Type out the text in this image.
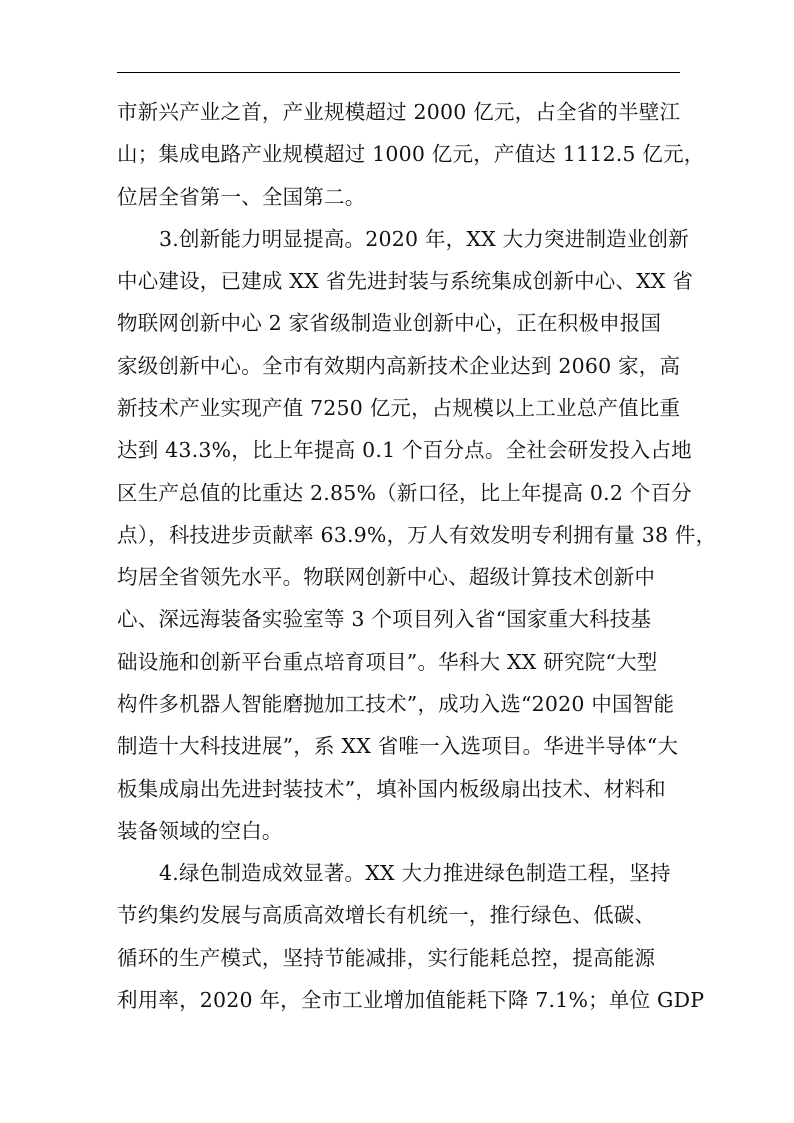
市新兴产业之首，产业规模超过 2000 亿元，占全省的半壁江
山；集成电路产业规模超过 1000 亿元，产值达 1112.5 亿元，
位居全省第一、全国第二。
3.创新能力明显提高。2020 年，XX 大力突进制造业创新
中心建设，已建成 XX 省先进封装与系统集成创新中心、XX 省
物联网创新中心 2 家省级制造业创新中心，正在积极申报国
家级创新中心。全市有效期内高新技术企业达到 2060 家，高
新技术产业实现产值 7250 亿元，占规模以上工业总产值比重
达到 43.3%，比上年提高 0.1 个百分点。全社会研发投入占地
区生产总值的比重达 2.85%（新口径，比上年提高 0.2 个百分
点），科技进步贡献率 63.9%，万人有效发明专利拥有量 38 件，
均居全省领先水平。物联网创新中心、超级计算技术创新中
心、深远海装备实验室等 3 个项目列入省“国家重大科技基
础设施和创新平台重点培育项目”。华科大 XX 研究院“大型
构件多机器人智能磨抛加工技术”，成功入选“2020 中国智能
制造十大科技进展”，系 XX 省唯一入选项目。华进半导体“大
板集成扇出先进封装技术”，填补国内板级扇出技术、材料和
装备领域的空白。
4.绿色制造成效显著。XX 大力推进绿色制造工程，坚持
节约集约发展与高质高效增长有机统一，推行绿色、低碳、
循环的生产模式，坚持节能减排，实行能耗总控，提高能源
利用率，2020 年，全市工业增加值能耗下降 7.1%；单位 GDP
